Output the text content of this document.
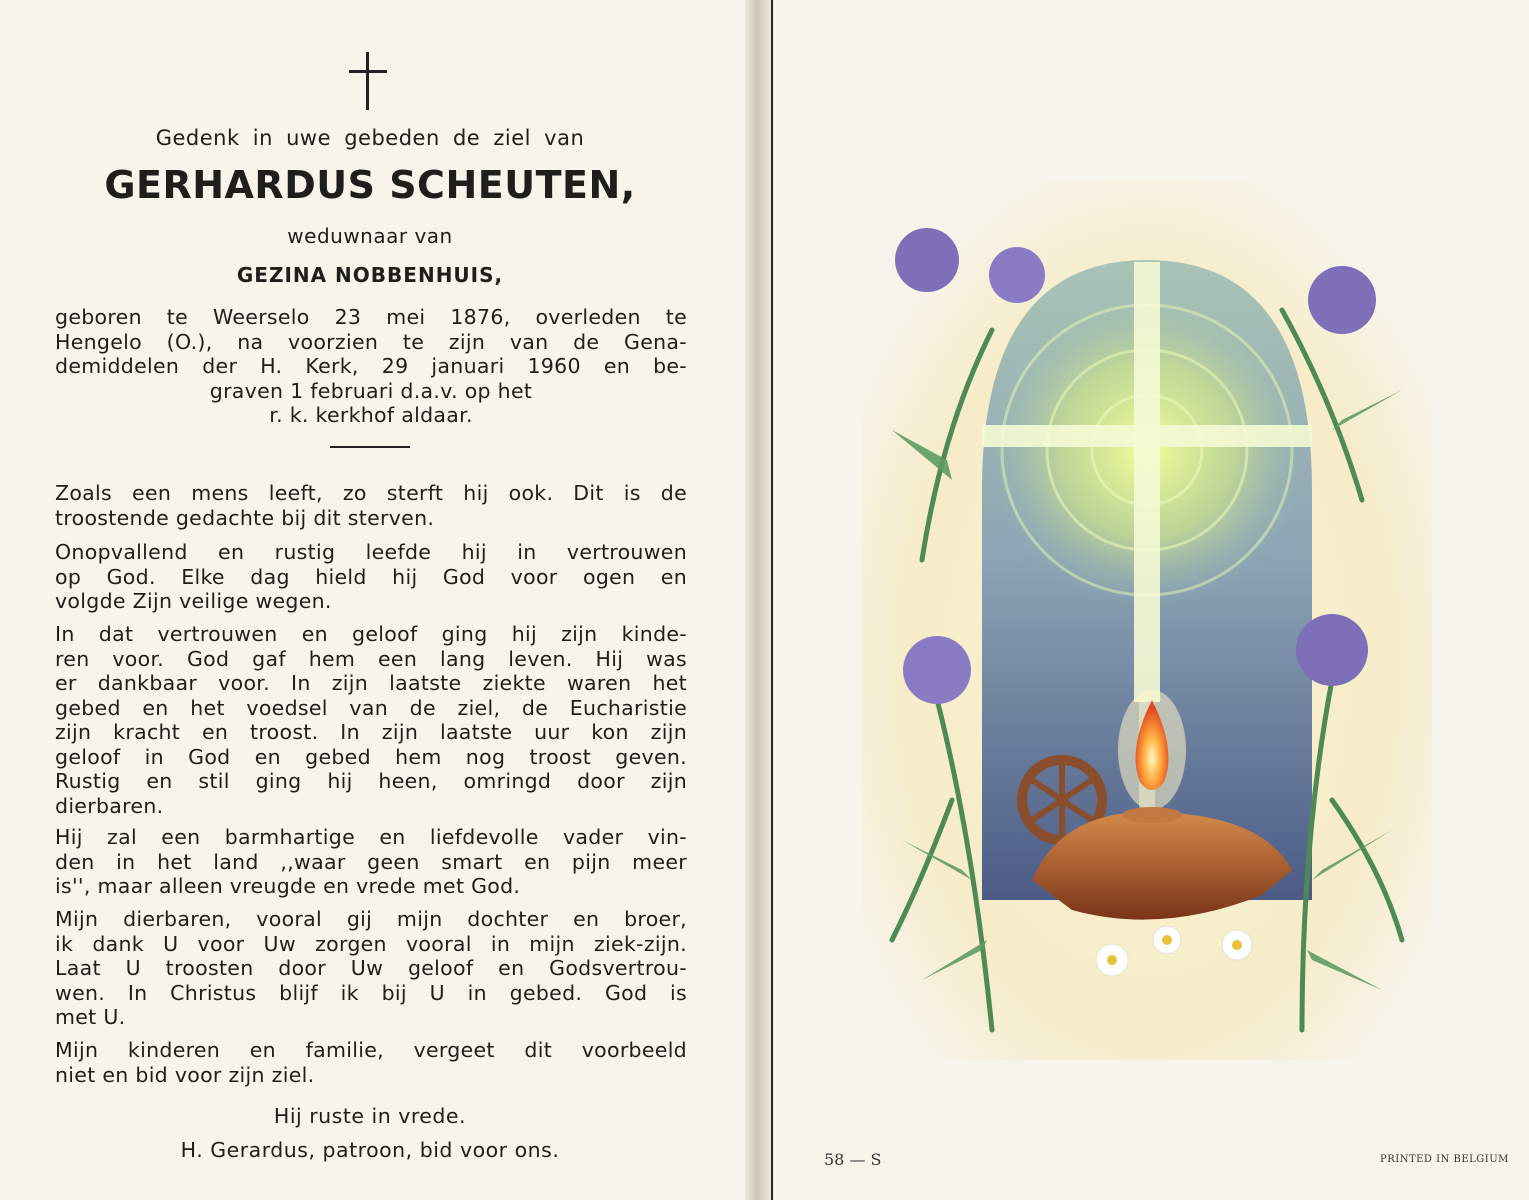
Gedenk in uwe gebeden de ziel van
GERHARDUS SCHEUTEN,
weduwnaar van
GEZINA NOBBENHUIS,
geboren te Weerselo 23 mei 1876, overleden te
Hengelo (O.), na voorzien te zijn van de Gena-
demiddelen der H. Kerk, 29 januari 1960 en be-
graven 1 februari d.a.v. op het
r. k. kerkhof aldaar.
Zoals een mens leeft, zo sterft hij ook. Dit is de
troostende gedachte bij dit sterven.
Onopvallend en rustig leefde hij in vertrouwen
op God. Elke dag hield hij God voor ogen en
volgde Zijn veilige wegen.
In dat vertrouwen en geloof ging hij zijn kinde-
ren voor. God gaf hem een lang leven. Hij was
er dankbaar voor. In zijn laatste ziekte waren het
gebed en het voedsel van de ziel, de Eucharistie
zijn kracht en troost. In zijn laatste uur kon zijn
geloof in God en gebed hem nog troost geven.
Rustig en stil ging hij heen, omringd door zijn
dierbaren.
Hij zal een barmhartige en liefdevolle vader vin-
den in het land ,,waar geen smart en pijn meer
is'', maar alleen vreugde en vrede met God.
Mijn dierbaren, vooral gij mijn dochter en broer,
ik dank U voor Uw zorgen vooral in mijn ziek-zijn.
Laat U troosten door Uw geloof en Godsvertrou-
wen. In Christus blijf ik bij U in gebed. God is
met U.
Mijn kinderen en familie, vergeet dit voorbeeld
niet en bid voor zijn ziel.
Hij ruste in vrede.
H. Gerardus, patroon, bid voor ons.	58 — S	PRINTED IN BELGIUM
